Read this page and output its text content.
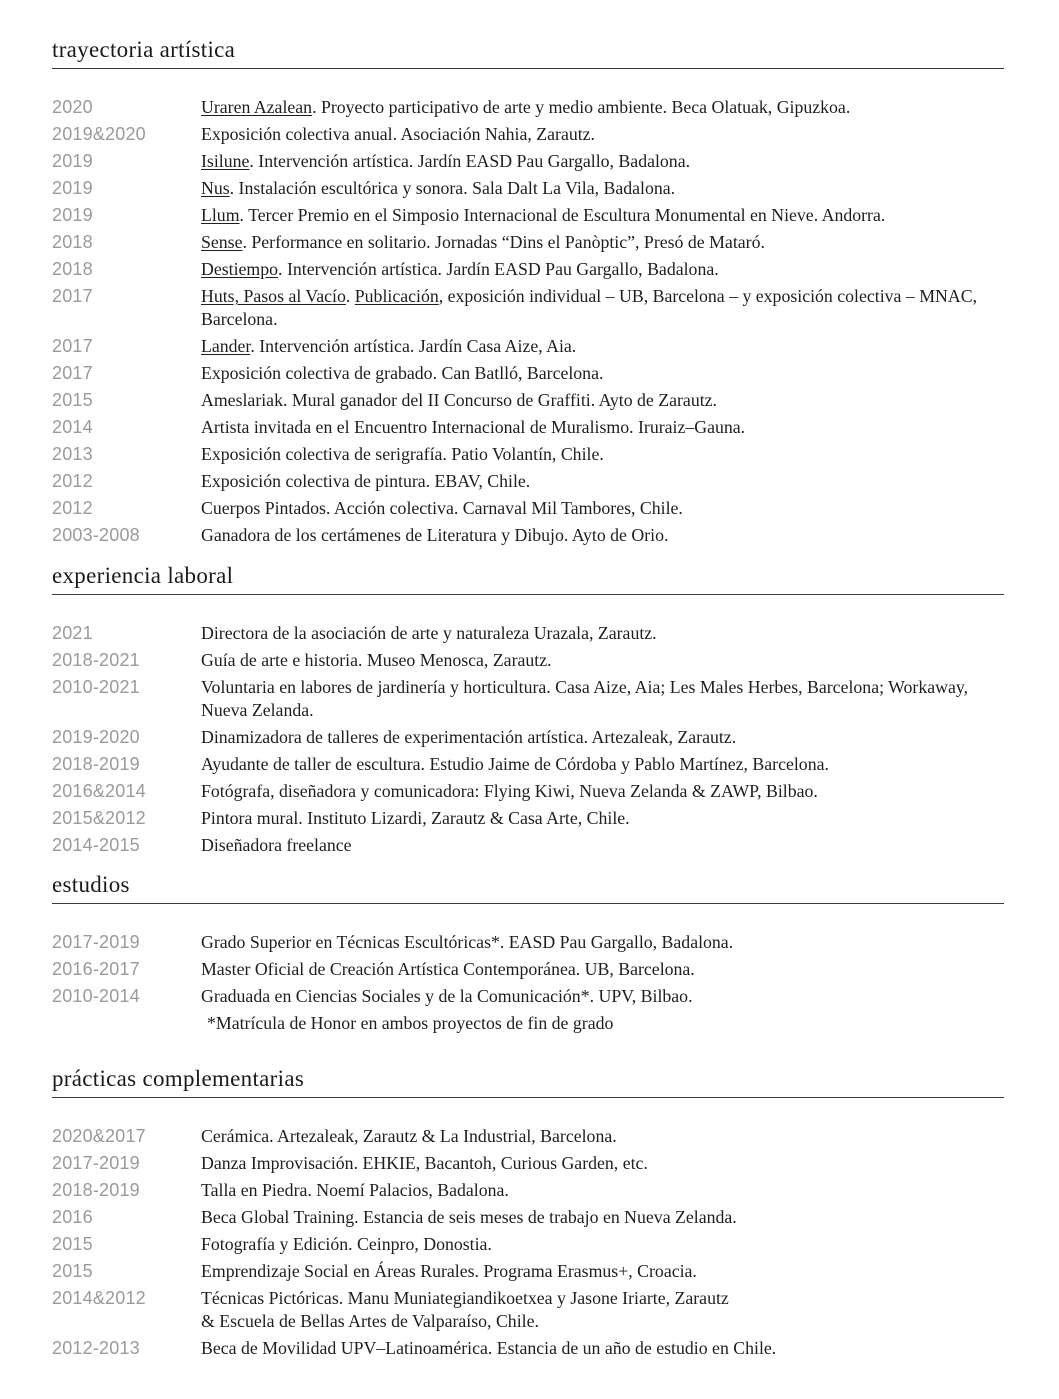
trayectoria artística
2020	Uraren Azalean. Proyecto participativo de arte y medio ambiente. Beca Olatuak, Gipuzkoa.
2019&2020	Exposición colectiva anual. Asociación Nahia, Zarautz.
2019	Isilune. Intervención artística. Jardín EASD Pau Gargallo, Badalona.
2019	Nus. Instalación escultórica y sonora. Sala Dalt La Vila, Badalona.
2019	Llum. Tercer Premio en el Simposio Internacional de Escultura Monumental en Nieve. Andorra.
2018	Sense. Performance en solitario. Jornadas “Dins el Panòptic”, Presó de Mataró.
2018	Destiempo. Intervención artística. Jardín EASD Pau Gargallo, Badalona.
2017	Huts, Pasos al Vacío. Publicación, exposición individual – UB, Barcelona – y exposición colectiva – MNAC, Barcelona.
2017	Lander. Intervención artística. Jardín Casa Aize, Aia.
2017	Exposición colectiva de grabado. Can Batlló, Barcelona.
2015	Ameslariak. Mural ganador del II Concurso de Graffiti. Ayto de Zarautz.
2014	Artista invitada en el Encuentro Internacional de Muralismo. Iruraiz–Gauna.
2013	Exposición colectiva de serigrafía. Patio Volantín, Chile.
2012	Exposición colectiva de pintura. EBAV, Chile.
2012	Cuerpos Pintados. Acción colectiva. Carnaval Mil Tambores, Chile.
2003-2008	Ganadora de los certámenes de Literatura y Dibujo. Ayto de Orio.
experiencia laboral
2021	Directora de la asociación de arte y naturaleza Urazala, Zarautz.
2018-2021	Guía de arte e historia. Museo Menosca, Zarautz.
2010-2021	Voluntaria en labores de jardinería y horticultura. Casa Aize, Aia; Les Males Herbes, Barcelona; Workaway, Nueva Zelanda.
2019-2020	Dinamizadora de talleres de experimentación artística. Artezaleak, Zarautz.
2018-2019	Ayudante de taller de escultura. Estudio Jaime de Córdoba y Pablo Martínez, Barcelona.
2016&2014	Fotógrafa, diseñadora y comunicadora: Flying Kiwi, Nueva Zelanda & ZAWP, Bilbao.
2015&2012	Pintora mural. Instituto Lizardi, Zarautz & Casa Arte, Chile.
2014-2015	Diseñadora freelance
estudios
2017-2019	Grado Superior en Técnicas Escultóricas*. EASD Pau Gargallo, Badalona.
2016-2017	Master Oficial de Creación Artística Contemporánea. UB, Barcelona.
2010-2014	Graduada en Ciencias Sociales y de la Comunicación*. UPV, Bilbao.
*Matrícula de Honor en ambos proyectos de fin de grado
prácticas complementarias
2020&2017	Cerámica. Artezaleak, Zarautz & La Industrial, Barcelona.
2017-2019	Danza Improvisación. EHKIE, Bacantoh, Curious Garden, etc.
2018-2019	Talla en Piedra. Noemí Palacios, Badalona.
2016	Beca Global Training. Estancia de seis meses de trabajo en Nueva Zelanda.
2015	Fotografía y Edición. Ceinpro, Donostia.
2015	Emprendizaje Social en Áreas Rurales. Programa Erasmus+, Croacia.
2014&2012	Técnicas Pictóricas. Manu Muniategiandikoetxea y Jasone Iriarte, Zarautz
& Escuela de Bellas Artes de Valparaíso, Chile.
2012-2013	Beca de Movilidad UPV–Latinoamérica. Estancia de un año de estudio en Chile.
